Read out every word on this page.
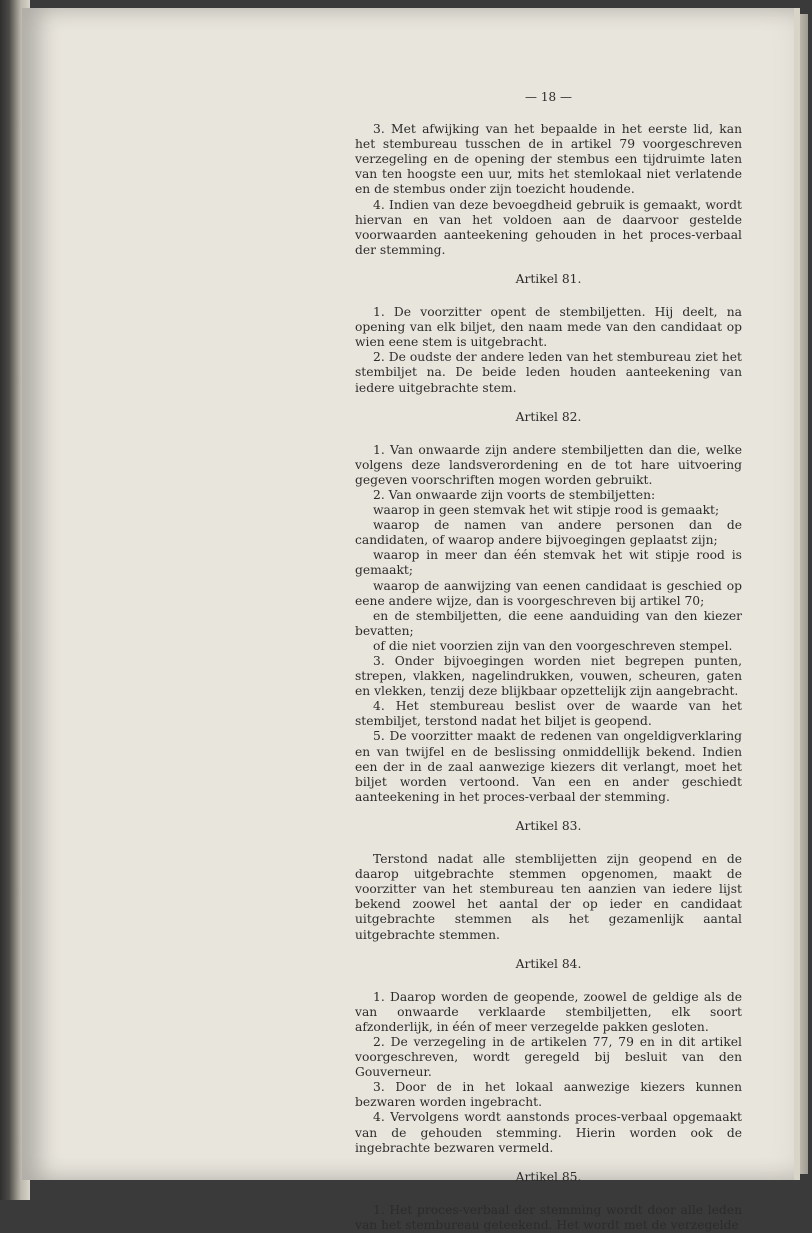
— 18 —

3. Met afwijking van het bepaalde in het eerste lid, kan het stembureau tusschen de in artikel 79 voorgeschreven verzegeling en de opening der stembus een tijdruimte laten van ten hoogste een uur, mits het stemlokaal niet verlatende en de stembus onder zijn toezicht houdende.

4. Indien van deze bevoegdheid gebruik is gemaakt, wordt hiervan en van het voldoen aan de daarvoor gestelde voorwaarden aanteekening gehouden in het proces-verbaal der stemming.

Artikel 81.

1. De voorzitter opent de stembiljetten. Hij deelt, na opening van elk biljet, den naam mede van den candidaat op wien eene stem is uitgebracht.

2. De oudste der andere leden van het stembureau ziet het stembiljet na. De beide leden houden aanteekening van iedere uitgebrachte stem.

Artikel 82.

1. Van onwaarde zijn andere stembiljetten dan die, welke volgens deze landsverordening en de tot hare uitvoering gegeven voorschriften mogen worden gebruikt.

2. Van onwaarde zijn voorts de stembiljetten:

waarop in geen stemvak het wit stipje rood is gemaakt;

waarop de namen van andere personen dan de candidaten, of waarop andere bijvoegingen geplaatst zijn;

waarop in meer dan één stemvak het wit stipje rood is gemaakt;

waarop de aanwijzing van eenen candidaat is geschied op eene andere wijze, dan is voorgeschreven bij artikel 70;

en de stembiljetten, die eene aanduiding van den kiezer bevatten;

of die niet voorzien zijn van den voorgeschreven stempel.

3. Onder bijvoegingen worden niet begrepen punten, strepen, vlakken, nagelindrukken, vouwen, scheuren, gaten en vlekken, tenzij deze blijkbaar opzettelijk zijn aangebracht.

4. Het stembureau beslist over de waarde van het stembiljet, terstond nadat het biljet is geopend.

5. De voorzitter maakt de redenen van ongeldigverklaring en van twijfel en de beslissing onmiddellijk bekend. Indien een der in de zaal aanwezige kiezers dit verlangt, moet het biljet worden vertoond. Van een en ander geschiedt aanteekening in het proces-verbaal der stemming.

Artikel 83.

Terstond nadat alle stemblijetten zijn geopend en de daarop uitgebrachte stemmen opgenomen, maakt de voorzitter van het stembureau ten aanzien van iedere lijst bekend zoowel het aantal der op ieder en candidaat uitgebrachte stemmen als het gezamenlijk aantal uitgebrachte stemmen.

Artikel 84.

1. Daarop worden de geopende, zoowel de geldige als de van onwaarde verklaarde stembiljetten, elk soort afzonderlijk, in één of meer verzegelde pakken gesloten.

2. De verzegeling in de artikelen 77, 79 en in dit artikel voorgeschreven, wordt geregeld bij besluit van den Gouverneur.

3. Door de in het lokaal aanwezige kiezers kunnen bezwaren worden ingebracht.

4. Vervolgens wordt aanstonds proces-verbaal opgemaakt van de gehouden stemming. Hierin worden ook de ingebrachte bezwaren vermeld.

Artikel 85.

1. Het proces-verbaal der stemming wordt door alle leden van het stembureau geteekend. Het wordt met de verzegelde
